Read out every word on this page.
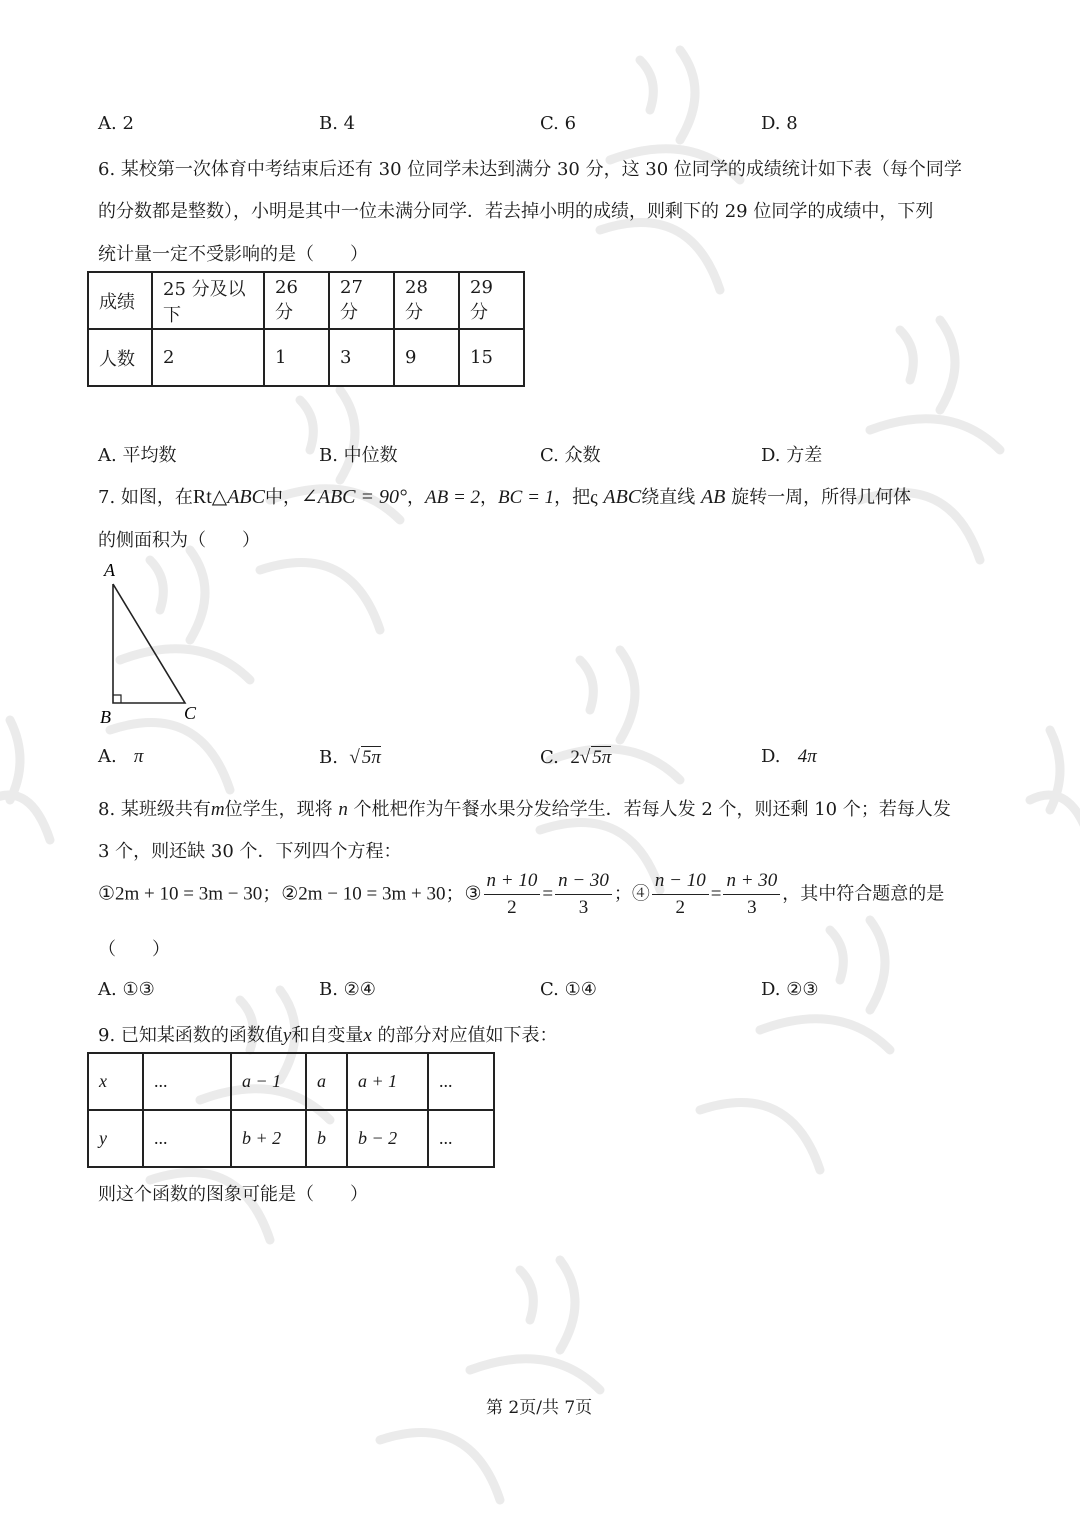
A. 2	B. 4	C. 6	D. 8
6. 某校第一次体育中考结束后还有 30 位同学未达到满分 30 分，这 30 位同学的成绩统计如下表（每个同学
的分数都是整数），小明是其中一位未满分同学．若去掉小明的成绩，则剩下的 29 位同学的成绩中，下列
统计量一定不受影响的是（　　）
成绩	25 分及以下	26 分	27 分	28 分	29 分
人数	2	1	3	9	15
A. 平均数	B. 中位数	C. 众数	D. 方差
7. 如图，在Rt△ABC中，∠ABC = 90°，AB = 2，BC = 1，把ς ABC绕直线 AB 旋转一周，所得几何体
的侧面积为（　　）
A
B	C
A. π	B. √ 5π	C. 2√ 5π	D. 4π
8. 某班级共有m位学生，现将 n 个枇杷作为午餐水果分发给学生．若每人发 2 个，则还剩 10 个；若每人发
3 个，则还缺 30 个．下列四个方程：
①2m + 10 = 3m − 30；②2m − 10 = 3m + 30；③ $\frac{n + 10}{2} = \frac{n - 30}{3}$ ；④ $\frac{n - 10}{2} = \frac{n + 30}{3}$ ，其中符合题意的是
（　　）
A. ①③	B. ②④	C. ①④	D. ②③
9. 已知某函数的函数值y和自变量x 的部分对应值如下表：
x	...	a − 1	a	a + 1	...
y	...	b + 2	b	b − 2	...
则这个函数的图象可能是（　　）
第 2页/共 7页
